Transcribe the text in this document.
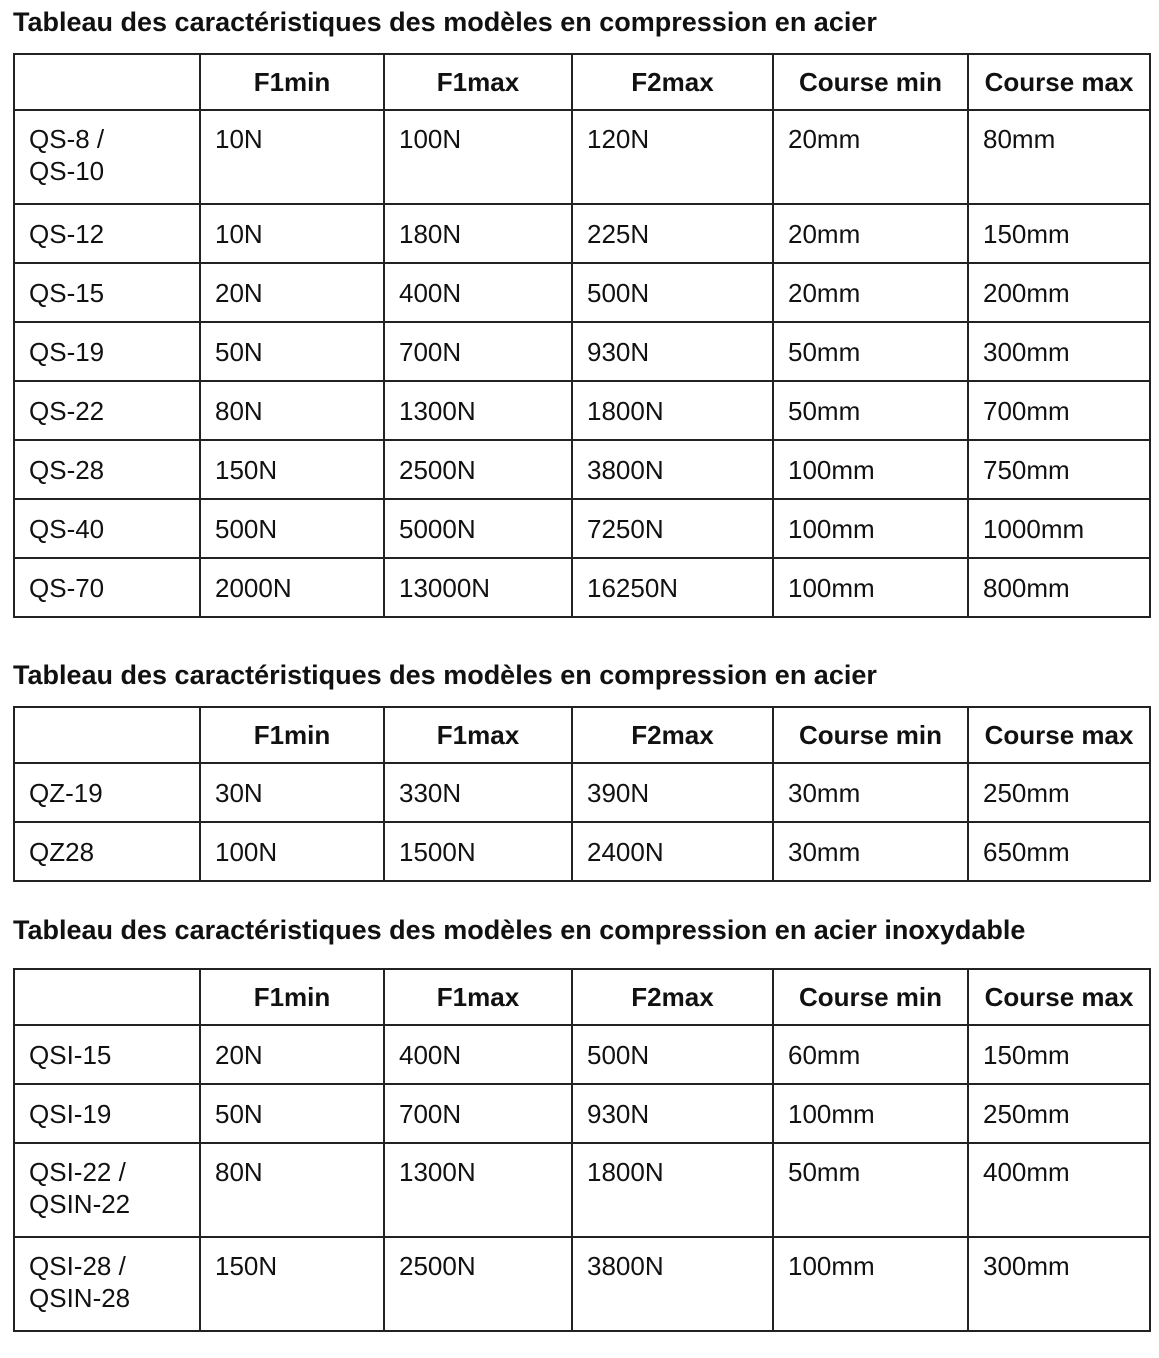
Tableau des caractéristiques des modèles en compression en acier
	F1min	F1max	F2max	Course min	Course max
QS-8 /
QS-10	10N	100N	120N	20mm	80mm
QS-12	10N	180N	225N	20mm	150mm
QS-15	20N	400N	500N	20mm	200mm
QS-19	50N	700N	930N	50mm	300mm
QS-22	80N	1300N	1800N	50mm	700mm
QS-28	150N	2500N	3800N	100mm	750mm
QS-40	500N	5000N	7250N	100mm	1000mm
QS-70	2000N	13000N	16250N	100mm	800mm
Tableau des caractéristiques des modèles en compression en acier
	F1min	F1max	F2max	Course min	Course max
QZ-19	30N	330N	390N	30mm	250mm
QZ28	100N	1500N	2400N	30mm	650mm
Tableau des caractéristiques des modèles en compression en acier inoxydable
	F1min	F1max	F2max	Course min	Course max
QSI-15	20N	400N	500N	60mm	150mm
QSI-19	50N	700N	930N	100mm	250mm
QSI-22 /
QSIN-22	80N	1300N	1800N	50mm	400mm
QSI-28 /
QSIN-28	150N	2500N	3800N	100mm	300mm
